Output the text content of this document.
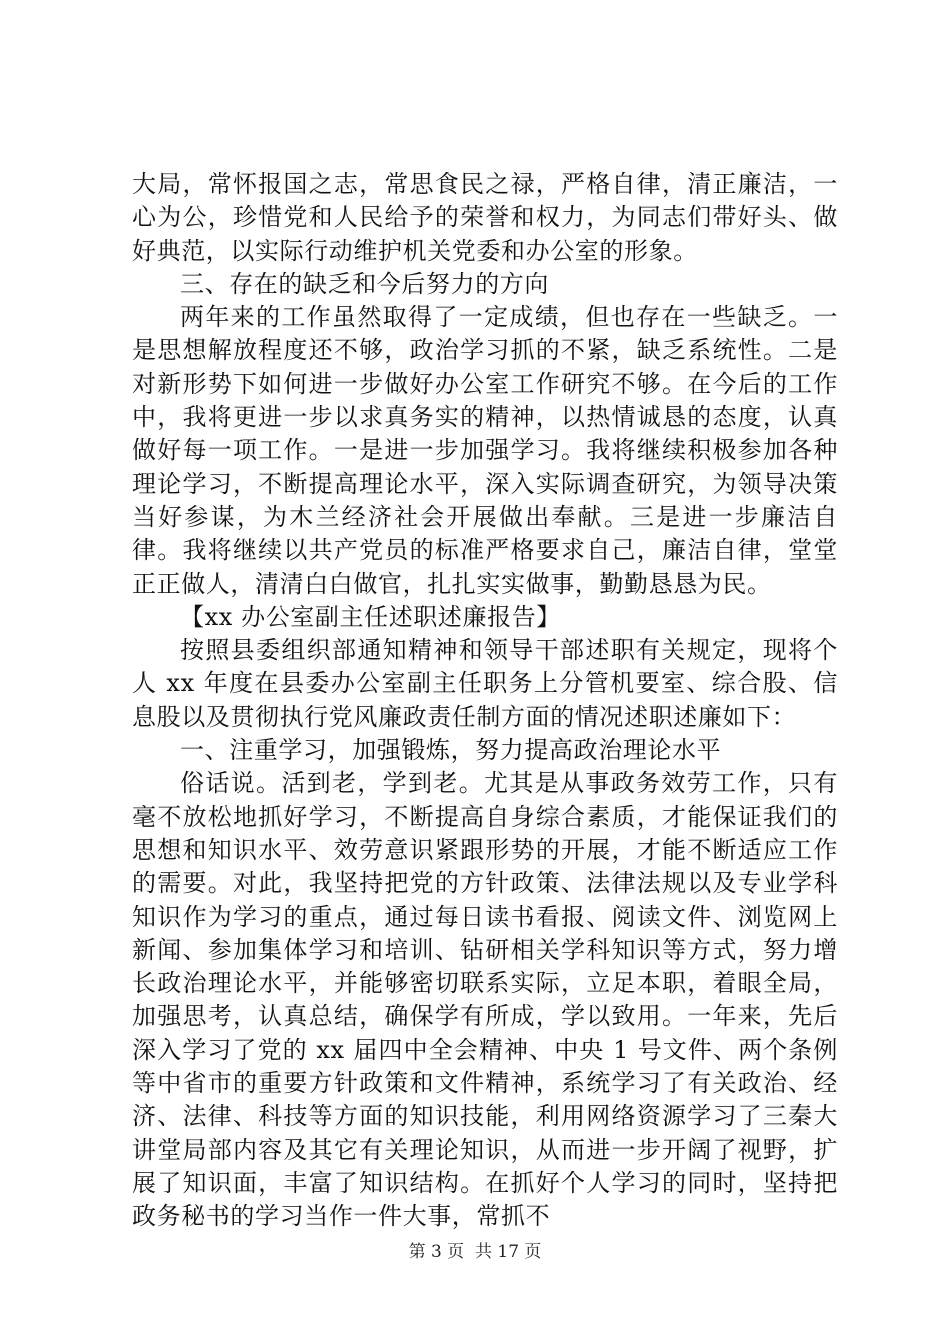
大局，常怀报国之志，常思食民之禄，严格自律，清正廉洁，一心为公，珍惜党和人民给予的荣誉和权力，为同志们带好头、做好典范，以实际行动维护机关党委和办公室的形象。

三、存在的缺乏和今后努力的方向

两年来的工作虽然取得了一定成绩，但也存在一些缺乏。一是思想解放程度还不够，政治学习抓的不紧，缺乏系统性。二是对新形势下如何进一步做好办公室工作研究不够。在今后的工作中，我将更进一步以求真务实的精神，以热情诚恳的态度，认真做好每一项工作。一是进一步加强学习。我将继续积极参加各种理论学习，不断提高理论水平，深入实际调查研究，为领导决策当好参谋，为木兰经济社会开展做出奉献。三是进一步廉洁自律。我将继续以共产党员的标准严格要求自己，廉洁自律，堂堂正正做人，清清白白做官，扎扎实实做事，勤勤恳恳为民。

【xx 办公室副主任述职述廉报告】

按照县委组织部通知精神和领导干部述职有关规定，现将个人 xx 年度在县委办公室副主任职务上分管机要室、综合股、信息股以及贯彻执行党风廉政责任制方面的情况述职述廉如下：

一、注重学习，加强锻炼，努力提高政治理论水平

俗话说。活到老，学到老。尤其是从事政务效劳工作，只有毫不放松地抓好学习，不断提高自身综合素质，才能保证我们的思想和知识水平、效劳意识紧跟形势的开展，才能不断适应工作的需要。对此，我坚持把党的方针政策、法律法规以及专业学科知识作为学习的重点，通过每日读书看报、阅读文件、浏览网上新闻、参加集体学习和培训、钻研相关学科知识等方式，努力增长政治理论水平，并能够密切联系实际，立足本职，着眼全局，加强思考，认真总结，确保学有所成，学以致用。一年来，先后深入学习了党的 xx 届四中全会精神、中央 1 号文件、两个条例等中省市的重要方针政策和文件精神，系统学习了有关政治、经济、法律、科技等方面的知识技能，利用网络资源学习了三秦大讲堂局部内容及其它有关理论知识，从而进一步开阔了视野，扩展了知识面，丰富了知识结构。在抓好个人学习的同时，坚持把政务秘书的学习当作一件大事，常抓不

第 3 页  共 17 页
